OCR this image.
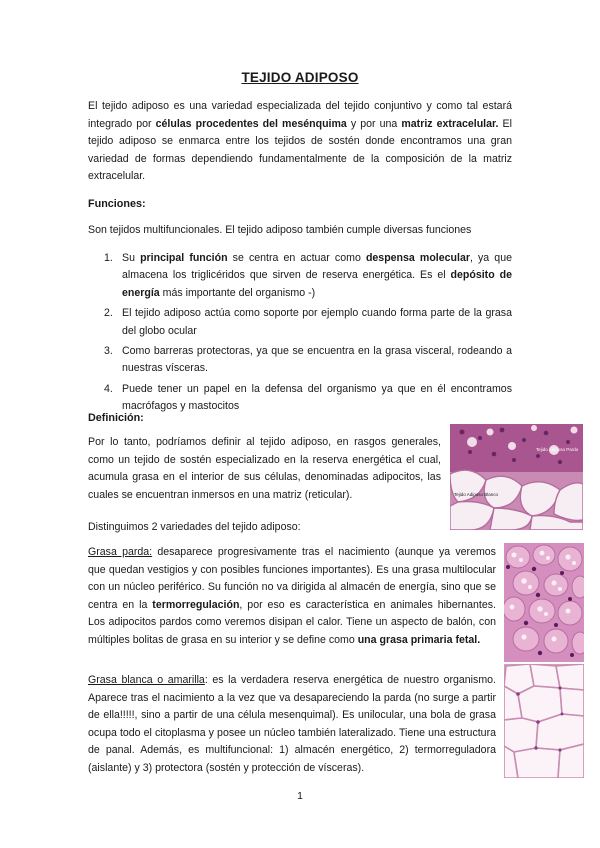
TEJIDO ADIPOSO

El tejido adiposo es una variedad especializada del tejido conjuntivo y como tal estará integrado por células procedentes del mesénquima y por una matriz extracelular. El tejido adiposo se enmarca entre los tejidos de sostén donde encontramos una gran variedad de formas dependiendo fundamentalmente de la composición de la matriz extracelular.

Funciones:

Son tejidos multifuncionales. El tejido adiposo también cumple diversas funciones

1. Su principal función se centra en actuar como despensa molecular, ya que almacena los triglicéridos que sirven de reserva energética. Es el depósito de energía más importante del organismo -)
2. El tejido adiposo actúa como soporte por ejemplo cuando forma parte de la grasa del globo ocular
3. Como barreras protectoras, ya que se encuentra en la grasa visceral, rodeando a nuestras vísceras.
4. Puede tener un papel en la defensa del organismo ya que en él encontramos macrófagos y mastocitos
Definición:

Por lo tanto, podríamos definir al tejido adiposo, en rasgos generales, como un tejido de sostén especializado en la reserva energética el cual, acumula grasa en el interior de sus células, denominadas adipocitos, las cuales se encuentran inmersos en una matriz (reticular).

Tejido Adiposo Pardo
Tejido Adiposo Blanco

Distinguimos 2 variedades del tejido adiposo:

Grasa parda: desaparece progresivamente tras el nacimiento (aunque ya veremos que quedan vestigios y con posibles funciones importantes). Es una grasa multilocular con un núcleo periférico. Su función no va dirigida al almacén de energía, sino que se centra en la termorregulación, por eso es característica en animales hibernantes. Los adipocitos pardos como veremos disipan el calor. Tiene un aspecto de balón, con múltiples bolitas de grasa en su interior y se define como una grasa primaria fetal.

Grasa blanca o amarilla: es la verdadera reserva energética de nuestro organismo. Aparece tras el nacimiento a la vez que va desapareciendo la parda (no surge a partir de ella!!!!!, sino a partir de una célula mesenquimal). Es unilocular, una bola de grasa ocupa todo el citoplasma y posee un núcleo también lateralizado. Tiene una estructura de panal. Además, es multifuncional: 1) almacén energético, 2) termorreguladora (aislante) y 3) protectora (sostén y protección de vísceras).

1
